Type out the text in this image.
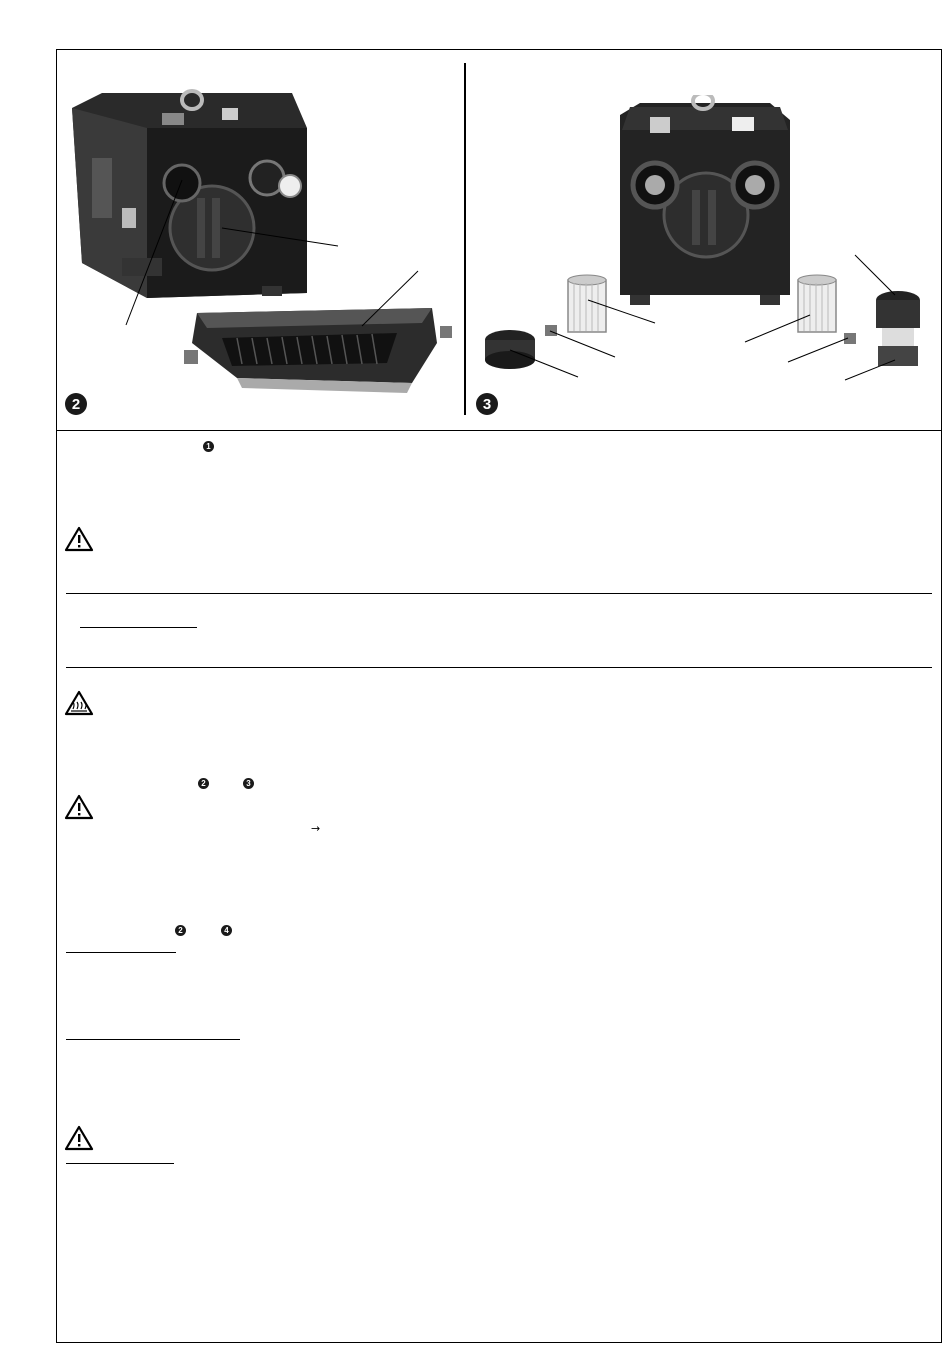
2	3
1
2	3
→
2	4
